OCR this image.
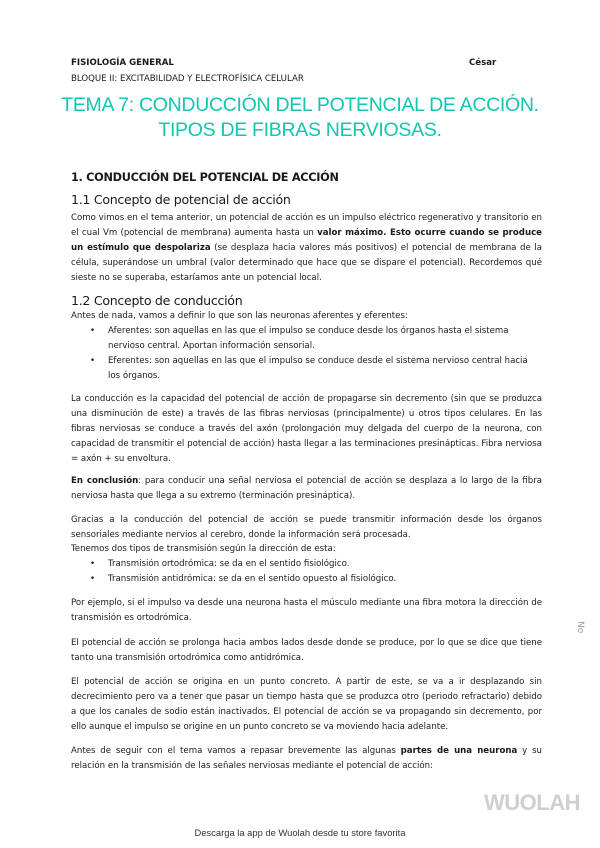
FISIOLOGÍA GENERAL	César
BLOQUE II: EXCITABILIDAD Y ELECTROFÍSICA CELULAR
TEMA 7: CONDUCCIÓN DEL POTENCIAL DE ACCIÓN. TIPOS DE FIBRAS NERVIOSAS.
1. CONDUCCIÓN DEL POTENCIAL DE ACCIÓN
1.1 Concepto de potencial de acción
Como vimos en el tema anterior, un potencial de acción es un impulso eléctrico regenerativo y transitorio en el cual Vm (potencial de membrana) aumenta hasta un valor máximo. Esto ocurre cuando se produce un estímulo que despolariza (se desplaza hacia valores más positivos) el potencial de membrana de la célula, superándose un umbral (valor determinado que hace que se dispare el potencial). Recordemos qué sieste no se superaba, estaríamos ante un potencial local.
1.2 Concepto de conducción
Antes de nada, vamos a definir lo que son las neuronas aferentes y eferentes:
• Aferentes: son aquellas en las que el impulso se conduce desde los órganos hasta el sistema nervioso central. Aportan información sensorial.
• Eferentes: son aquellas en las que el impulso se conduce desde el sistema nervioso central hacia los órganos.
La conducción es la capacidad del potencial de acción de propagarse sin decremento (sin que se produzca una disminución de este) a través de las fibras nerviosas (principalmente) u otros tipos celulares. En las fibras nerviosas se conduce a través del axón (prolongación muy delgada del cuerpo de la neurona, con capacidad de transmitir el potencial de acción) hasta llegar a las terminaciones presinápticas. Fibra nerviosa = axón + su envoltura.
En conclusión: para conducir una señal nerviosa el potencial de acción se desplaza a lo largo de la fibra nerviosa hasta que llega a su extremo (terminación presináptica).
Gracias a la conducción del potencial de acción se puede transmitir información desde los órganos sensoriales mediante nervios al cerebro, donde la información será procesada.
Tenemos dos tipos de transmisión según la dirección de esta:
• Transmisión ortodrómica: se da en el sentido fisiológico.
• Transmisión antidrómica: se da en el sentido opuesto al fisiológico.
Por ejemplo, si el impulso va desde una neurona hasta el músculo mediante una fibra motora la dirección de transmisión es ortodrómica.
El potencial de acción se prolonga hacia ambos lados desde donde se produce, por lo que se dice que tiene tanto una transmisión ortodrómica como antidrómica.
El potencial de acción se origina en un punto concreto. A partir de este, se va a ir desplazando sin decrecimiento pero va a tener que pasar un tiempo hasta que se produzca otro (periodo refractario) debido a que los canales de sodio están inactivados. El potencial de acción se va propagando sin decremento, por ello aunque el impulso se origine en un punto concreto se va moviendo hacia adelante.
Antes de seguir con el tema vamos a repasar brevemente las algunas partes de una neurona y su relación en la transmisión de las señales nerviosas mediante el potencial de acción:
No
WUOLAH
Descarga la app de Wuolah desde tu store favorita
